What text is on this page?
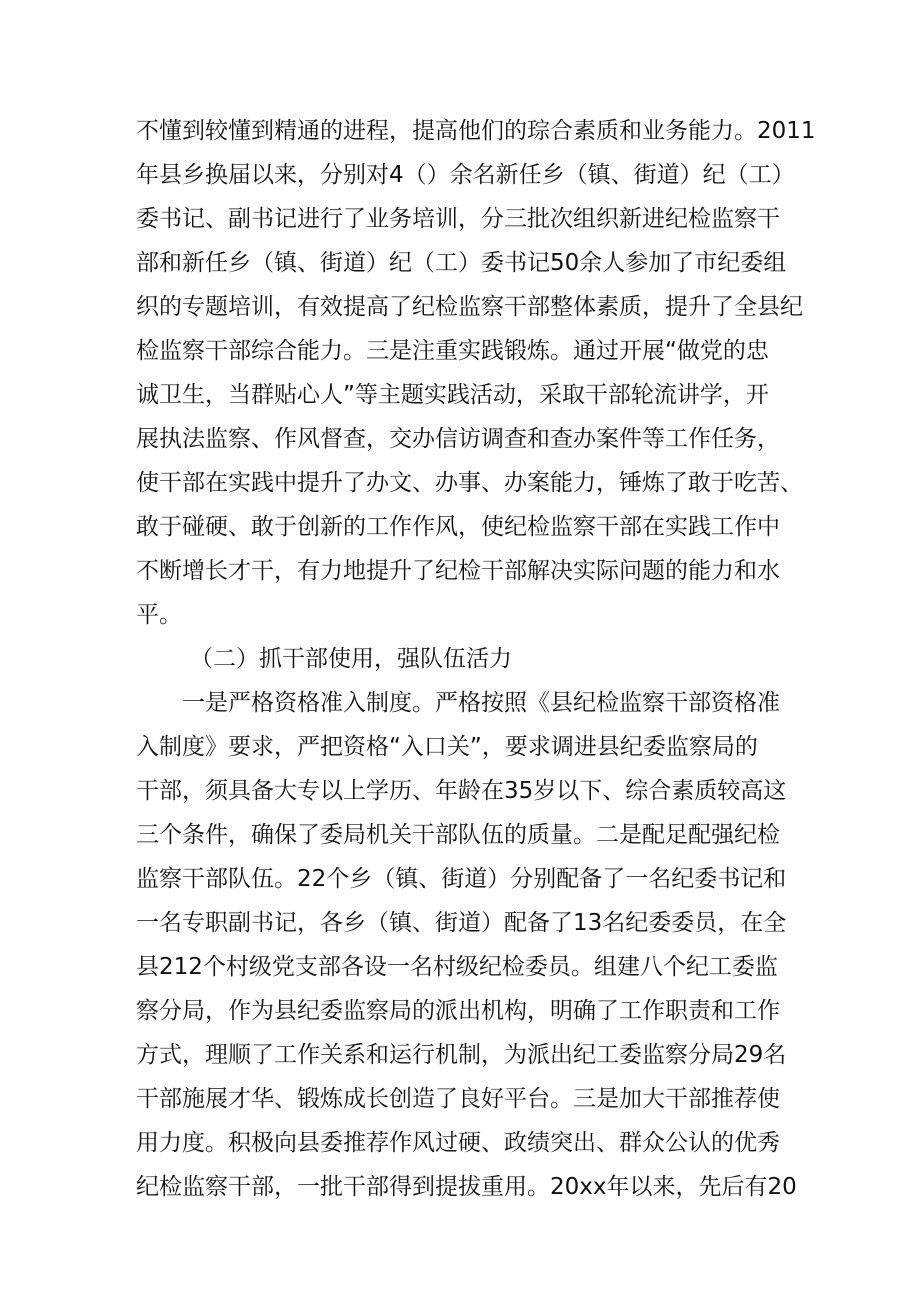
不懂到较懂到精通的进程，提高他们的琮合素质和业务能力。2011

年县乡换届以来，分别对4（）余名新任乡（镇、街道）纪（工）

委书记、副书记进行了业务培训，分三批次组织新进纪检监察干

部和新任乡（镇、街道）纪（工）委书记50余人参加了市纪委组

织的专题培训，有效提高了纪检监察干部整体素质，提升了全县纪

检监察干部综合能力。三是注重实践锻炼。通过开展“做党的忠

诚卫生，当群贴心人”等主题实践活动，采取干部轮流讲学，开

展执法监察、作风督查，交办信访调查和查办案件等工作任务，

使干部在实践中提升了办文、办事、办案能力，锤炼了敢于吃苦、

敢于碰硬、敢于创新的工作作风，使纪检监察干部在实践工作中

不断增长才干，有力地提升了纪检干部解决实际问题的能力和水

平。

（二）抓干部使用，强队伍活力

一是严格资格准入制度。严格按照《县纪检监察干部资格准

入制度》要求，严把资格“入口关”，要求调进县纪委监察局的

干部，须具备大专以上学历、年龄在35岁以下、综合素质较高这

三个条件，确保了委局机关干部队伍的质量。二是配足配强纪检

监察干部队伍。22个乡（镇、街道）分别配备了一名纪委书记和

一名专职副书记，各乡（镇、街道）配备了13名纪委委员，在全

县212个村级党支部各设一名村级纪检委员。组建八个纪工委监

察分局，作为县纪委监察局的派出机构，明确了工作职责和工作

方式，理顺了工作关系和运行机制，为派出纪工委监察分局29名

干部施展才华、锻炼成长创造了良好平台。三是加大干部推荐使

用力度。积极向县委推荐作风过硬、政绩突出、群众公认的优秀

纪检监察干部，一批干部得到提拔重用。20xx年以来，先后有20
